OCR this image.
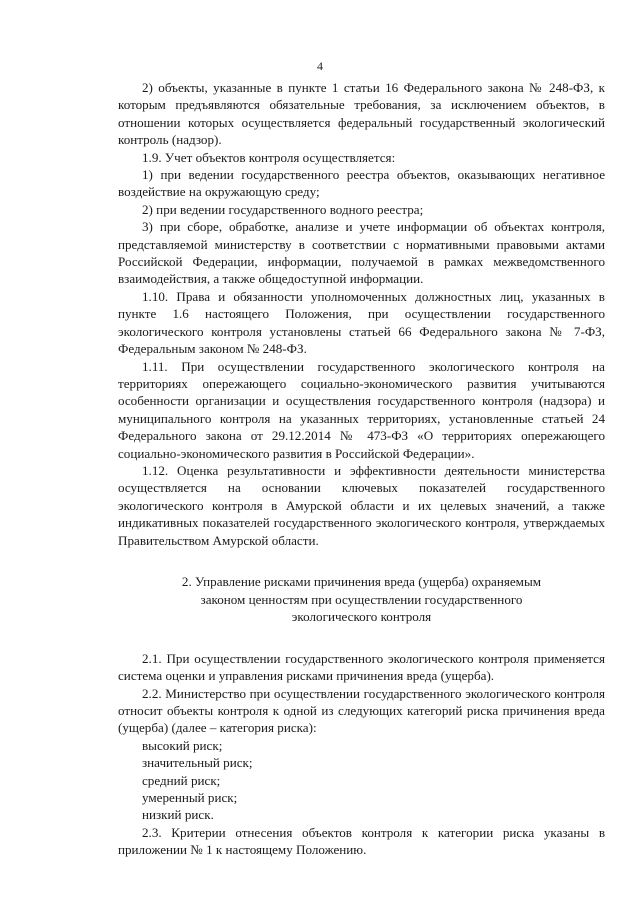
4

2) объекты, указанные в пункте 1 статьи 16 Федерального закона № 248-ФЗ, к которым предъявляются обязательные требования, за исключением объектов, в отношении которых осуществляется федеральный государственный экологический контроль (надзор).

1.9. Учет объектов контроля осуществляется:

1) при ведении государственного реестра объектов, оказывающих негативное воздействие на окружающую среду;

2) при ведении государственного водного реестра;

3) при сборе, обработке, анализе и учете информации об объектах контроля, представляемой министерству в соответствии с нормативными правовыми актами Российской Федерации, информации, получаемой в рамках межведомственного взаимодействия, а также общедоступной информации.

1.10. Права и обязанности уполномоченных должностных лиц, указанных в пункте 1.6 настоящего Положения, при осуществлении государственного экологического контроля установлены статьей 66 Федерального закона № 7-ФЗ, Федеральным законом № 248-ФЗ.

1.11. При осуществлении государственного экологического контроля на территориях опережающего социально-экономического развития учитываются особенности организации и осуществления государственного контроля (надзора) и муниципального контроля на указанных территориях, установленные статьей 24 Федерального закона от 29.12.2014 № 473-ФЗ «О территориях опережающего социально-экономического развития в Российской Федерации».

1.12. Оценка результативности и эффективности деятельности министерства осуществляется на основании ключевых показателей государственного экологического контроля в Амурской области и их целевых значений, а также индикативных показателей государственного экологического контроля, утверждаемых Правительством Амурской области.

2. Управление рисками причинения вреда (ущерба) охраняемым
законом ценностям при осуществлении государственного
экологического контроля

2.1. При осуществлении государственного экологического контроля применяется система оценки и управления рисками причинения вреда (ущерба).

2.2. Министерство при осуществлении государственного экологического контроля относит объекты контроля к одной из следующих категорий риска причинения вреда (ущерба) (далее – категория риска):

высокий риск;

значительный риск;

средний риск;

умеренный риск;

низкий риск.

2.3. Критерии отнесения объектов контроля к категории риска указаны в приложении № 1 к настоящему Положению.
